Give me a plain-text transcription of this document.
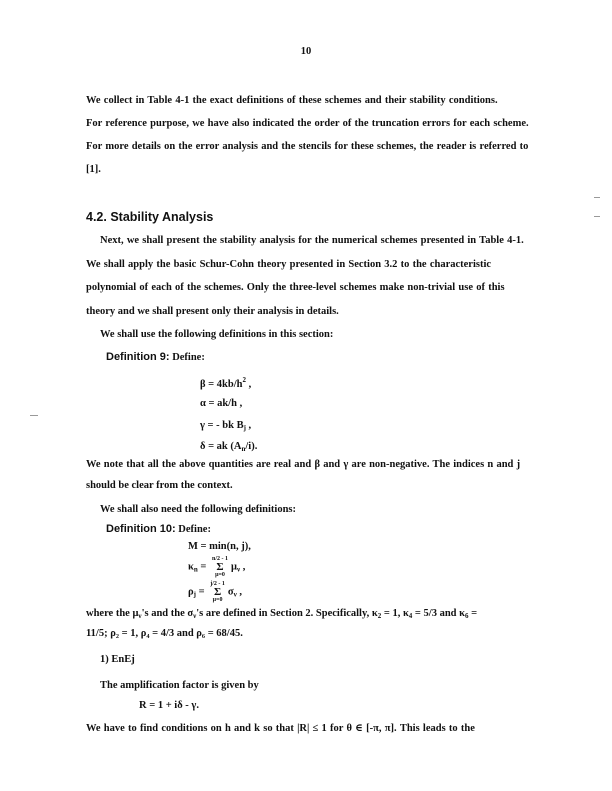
10
We collect in Table 4-1 the exact definitions of these schemes and their stability conditions.
For reference purpose, we have also indicated the order of the truncation errors for each scheme.
For more details on the error analysis and the stencils for these schemes, the reader is referred to
[1].
4.2. Stability Analysis
Next, we shall present the stability analysis for the numerical schemes presented in Table 4-1.
We shall apply the basic Schur-Cohn theory presented in Section 3.2 to the characteristic
polynomial of each of the schemes. Only the three-level schemes make non-trivial use of this
theory and we shall present only their analysis in details.
We shall use the following definitions in this section:
Definition 9: Define:
$\beta = 4kb/h^2$ ,
α = ak/h ,
γ = - bk $B_j$ ,
δ = ak $(A_n/i)$.
We note that all the above quantities are real and β and γ are non-negative. The indices n and j
should be clear from the context.
We shall also need the following definitions:
Definition 10: Define:
M = min(n, j),
$\kappa_n = n/2 - 1$
Σ
$\mu=0\mu_\nu$ ,
$\rho_j = j/2 - 1$
Σ
$\mu=0\sigma_\nu$ ,
where the $\mu_\nu's$ and the $\sigma_\nu's$ are defined in Section 2. Specifically, $\kappa_2 = 1$, $\kappa_4 = 5/3$ and $\kappa_6$ =
11/5; ρ₂ = 1, ρ₄ = 4/3 and ρ₆ = 68/45.
1) EnEj
The amplification factor is given by
R = 1 + iδ - γ.
We have to find conditions on h and k so that |R| ≤ 1 for θ ∈ [-π, π]. This leads to the
